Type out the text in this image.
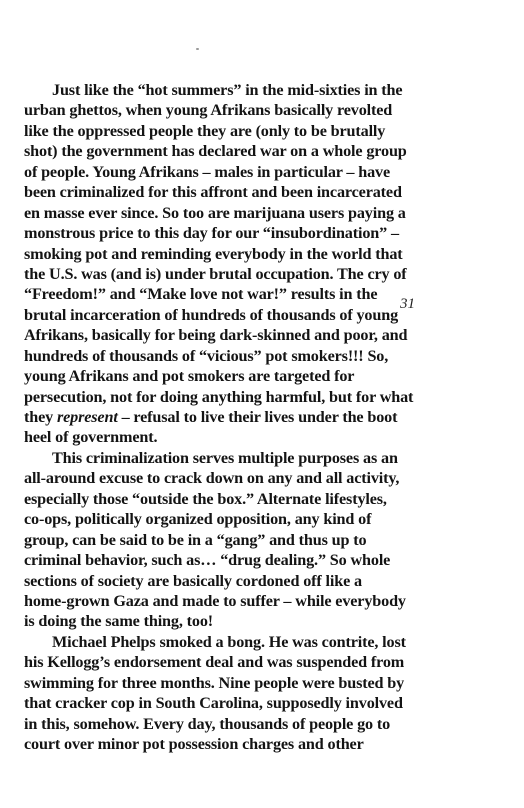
31
Just like the “hot summers” in the mid-sixties in the
urban ghettos, when young Afrikans basically revolted
like the oppressed people they are (only to be brutally
shot) the government has declared war on a whole group
of people. Young Afrikans – males in particular – have
been criminalized for this affront and been incarcerated
en masse ever since. So too are marijuana users paying a
monstrous price to this day for our “insubordination” –
smoking pot and reminding everybody in the world that
the U.S. was (and is) under brutal occupation. The cry of
“Freedom!” and “Make love not war!” results in the
brutal incarceration of hundreds of thousands of young
Afrikans, basically for being dark-skinned and poor, and
hundreds of thousands of “vicious” pot smokers!!! So,
young Afrikans and pot smokers are targeted for
persecution, not for doing anything harmful, but for what
they represent – refusal to live their lives under the boot
heel of government.
This criminalization serves multiple purposes as an
all-around excuse to crack down on any and all activity,
especially those “outside the box.” Alternate lifestyles,
co-ops, politically organized opposition, any kind of
group, can be said to be in a “gang” and thus up to
criminal behavior, such as… “drug dealing.” So whole
sections of society are basically cordoned off like a
home-grown Gaza and made to suffer – while everybody
is doing the same thing, too!
Michael Phelps smoked a bong. He was contrite, lost
his Kellogg’s endorsement deal and was suspended from
swimming for three months. Nine people were busted by
that cracker cop in South Carolina, supposedly involved
in this, somehow. Every day, thousands of people go to
court over minor pot possession charges and other
